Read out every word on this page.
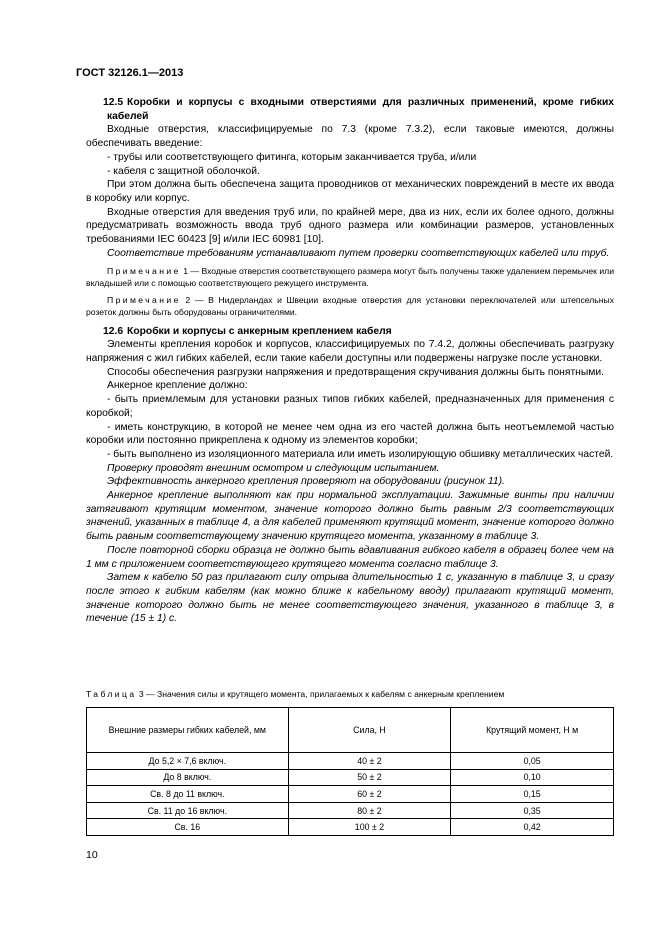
ГОСТ 32126.1—2013

12.5 Коробки и корпусы с входными отверстиями для различных применений, кроме гибких кабелей

Входные отверстия, классифицируемые по 7.3 (кроме 7.3.2), если таковые имеются, должны обеспечивать введение:

- трубы или соответствующего фитинга, которым заканчивается труба, и/или

- кабеля с защитной оболочкой.

При этом должна быть обеспечена защита проводников от механических повреждений в месте их ввода в коробку или корпус.

Входные отверстия для введения труб или, по крайней мере, два из них, если их более одного, должны предусматривать возможность ввода труб одного размера или комбинации размеров, установленных требованиями IEC 60423 [9] и/или IEC 60981 [10].

Соответствие требованиям устанавливают путем проверки соответствующих кабелей или труб.

Примечание 1 — Входные отверстия соответствующего размера могут быть получены также удалением перемычек или вкладышей или с помощью соответствующего режущего инструмента.

Примечание 2 — В Нидерландах и Швеции входные отверстия для установки переключателей или штепсельных розеток должны быть оборудованы ограничителями.

12.6 Коробки и корпусы с анкерным креплением кабеля

Элементы крепления коробок и корпусов, классифицируемых по 7.4.2, должны обеспечивать разгрузку напряжения с жил гибких кабелей, если такие кабели доступны или подвержены нагрузке после установки.

Способы обеспечения разгрузки напряжения и предотвращения скручивания должны быть понятными.

Анкерное крепление должно:

- быть приемлемым для установки разных типов гибких кабелей, предназначенных для применения с коробкой;

- иметь конструкцию, в которой не менее чем одна из его частей должна быть неотъемлемой частью коробки или постоянно прикреплена к одному из элементов коробки;

- быть выполнено из изоляционного материала или иметь изолирующую обшивку металлических частей.

Проверку проводят внешним осмотром и следующим испытанием.

Эффективность анкерного крепления проверяют на оборудовании (рисунок 11).

Анкерное крепление выполняют как при нормальной эксплуатации. Зажимные винты при наличии затягивают крутящим моментом, значение которого должно быть равным 2/3 соответствующих значений, указанных в таблице 4, а для кабелей применяют крутящий момент, значение которого должно быть равным соответствующему значению крутящего момента, указанному в таблице 3.

После повторной сборки образца не должно быть вдавливания гибкого кабеля в образец более чем на 1 мм с приложением соответствующего крутящего момента согласно таблице 3.

Затем к кабелю 50 раз прилагают силу отрыва длительностью 1 с, указанную в таблице 3, и сразу после этого к гибким кабелям (как можно ближе к кабельному вводу) прилагают крутящий момент, значение которого должно быть не менее соответствующего значения, указанного в таблице 3, в течение (15 ± 1) с.

Таблица 3 — Значения силы и крутящего момента, прилагаемых к кабелям с анкерным креплением
Внешние размеры гибких кабелей, мм	Сила, Н	Крутящий момент, Н м
До 5,2 × 7,6 включ.	40 ± 2	0,05
До 8 включ.	50 ± 2	0,10
Св. 8 до 11 включ.	60 ± 2	0,15
Св. 11 до 16 включ.	80 ± 2	0,35
Св. 16	100 ± 2	0,42
10
